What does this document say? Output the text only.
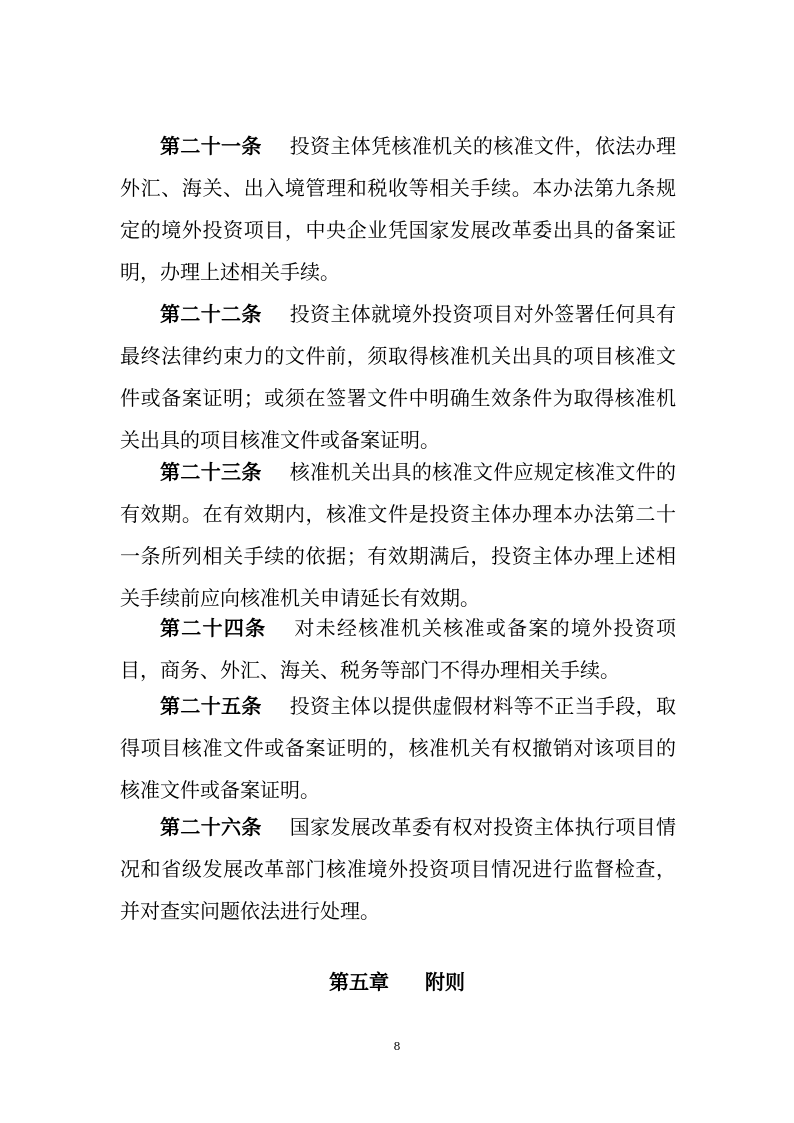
第二十一条 投资主体凭核准机关的核准文件，依法办理外汇、海关、出入境管理和税收等相关手续。本办法第九条规定的境外投资项目，中央企业凭国家发展改革委出具的备案证明，办理上述相关手续。

第二十二条 投资主体就境外投资项目对外签署任何具有最终法律约束力的文件前，须取得核准机关出具的项目核准文件或备案证明；或须在签署文件中明确生效条件为取得核准机关出具的项目核准文件或备案证明。

第二十三条 核准机关出具的核准文件应规定核准文件的有效期。在有效期内，核准文件是投资主体办理本办法第二十一条所列相关手续的依据；有效期满后，投资主体办理上述相关手续前应向核准机关申请延长有效期。

第二十四条 对未经核准机关核准或备案的境外投资项目，商务、外汇、海关、税务等部门不得办理相关手续。

第二十五条 投资主体以提供虚假材料等不正当手段，取得项目核准文件或备案证明的，核准机关有权撤销对该项目的核准文件或备案证明。

第二十六条 国家发展改革委有权对投资主体执行项目情况和省级发展改革部门核准境外投资项目情况进行监督检查，并对查实问题依法进行处理。

第五章 附则
8
